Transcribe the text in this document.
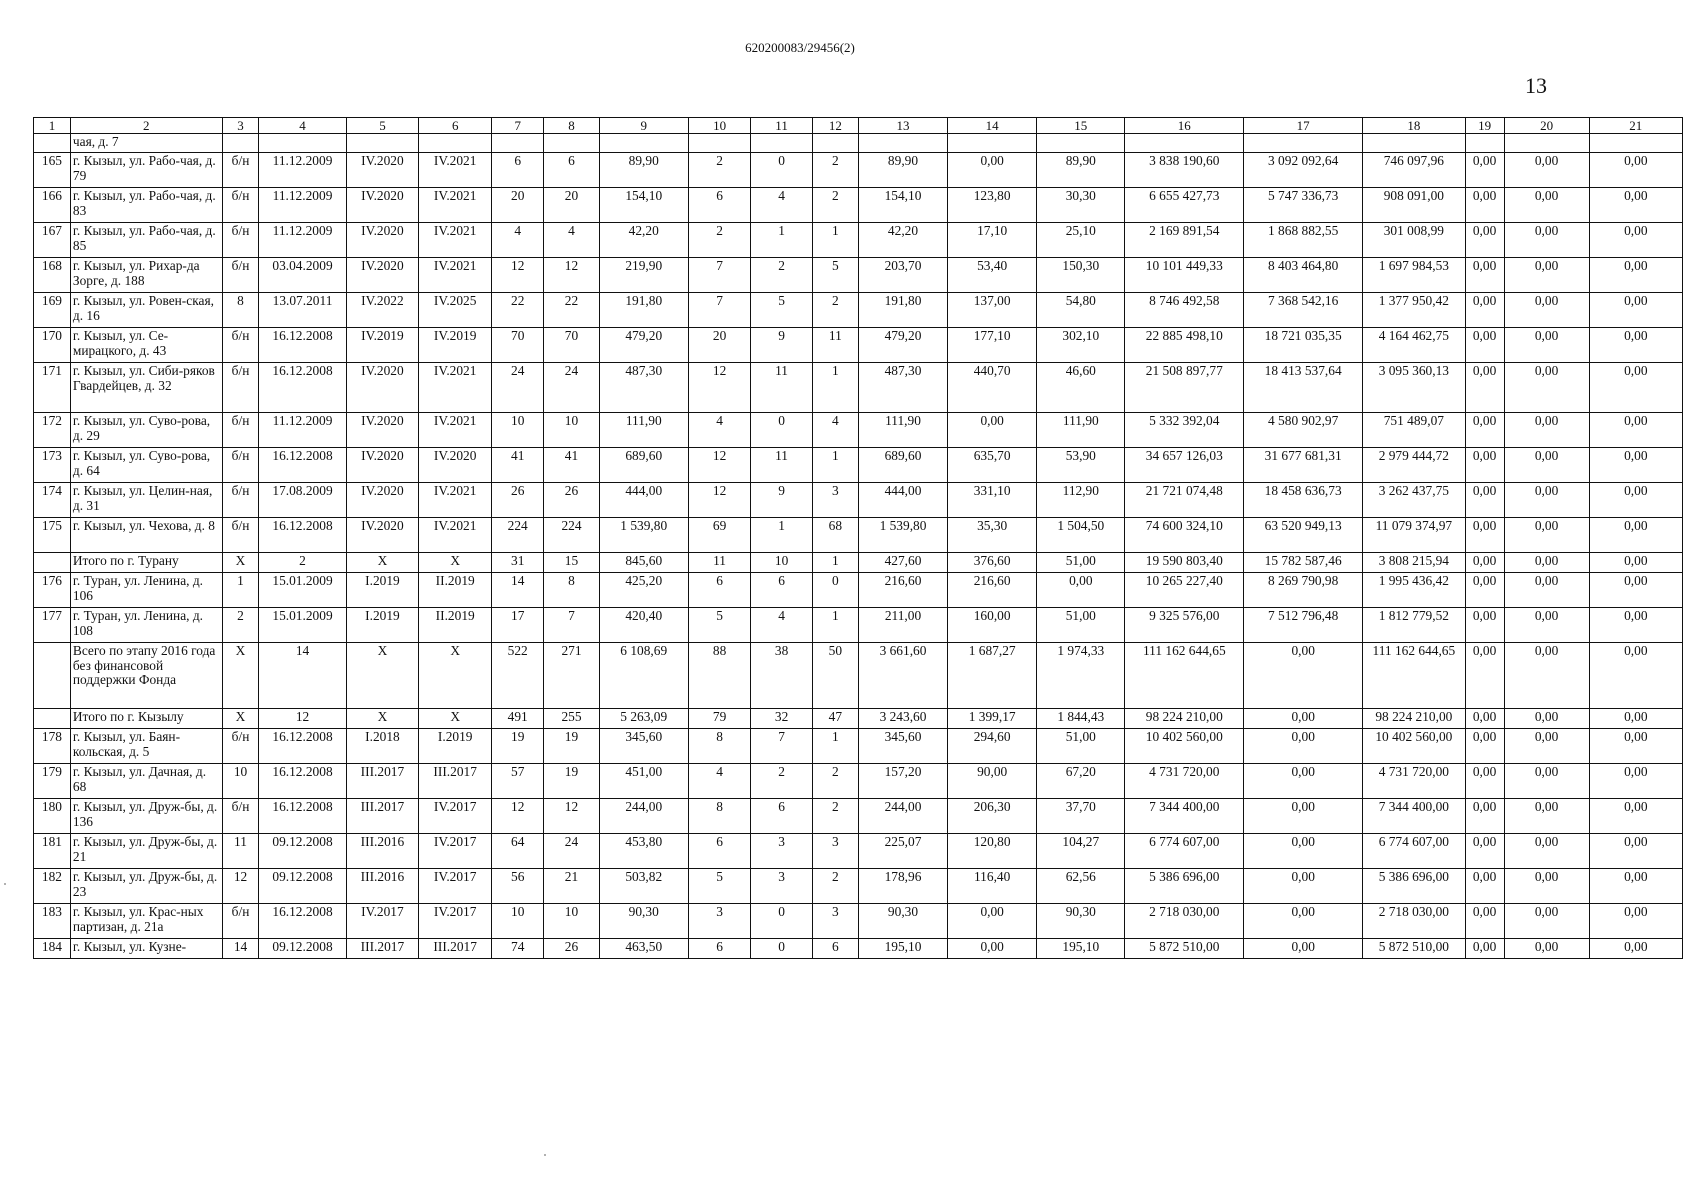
620200083/29456(2)
13
1	2	3	4	5	6	7	8	9	10	11	12	13	14	15	16	17	18	19	20	21
	чая, д. 7																			
165	г. Кызыл, ул. Рабо-чая, д. 79	б/н	11.12.2009	IV.2020	IV.2021	6	6	89,90	2	0	2	89,90	0,00	89,90	3 838 190,60	3 092 092,64	746 097,96	0,00	0,00	0,00
166	г. Кызыл, ул. Рабо-чая, д. 83	б/н	11.12.2009	IV.2020	IV.2021	20	20	154,10	6	4	2	154,10	123,80	30,30	6 655 427,73	5 747 336,73	908 091,00	0,00	0,00	0,00
167	г. Кызыл, ул. Рабо-чая, д. 85	б/н	11.12.2009	IV.2020	IV.2021	4	4	42,20	2	1	1	42,20	17,10	25,10	2 169 891,54	1 868 882,55	301 008,99	0,00	0,00	0,00
168	г. Кызыл, ул. Рихар-да Зорге, д. 188	б/н	03.04.2009	IV.2020	IV.2021	12	12	219,90	7	2	5	203,70	53,40	150,30	10 101 449,33	8 403 464,80	1 697 984,53	0,00	0,00	0,00
169	г. Кызыл, ул. Ровен-ская, д. 16	8	13.07.2011	IV.2022	IV.2025	22	22	191,80	7	5	2	191,80	137,00	54,80	8 746 492,58	7 368 542,16	1 377 950,42	0,00	0,00	0,00
170	г. Кызыл, ул. Се-мирацкого, д. 43	б/н	16.12.2008	IV.2019	IV.2019	70	70	479,20	20	9	11	479,20	177,10	302,10	22 885 498,10	18 721 035,35	4 164 462,75	0,00	0,00	0,00
171	г. Кызыл, ул. Сиби-ряков Гвардейцев, д. 32	б/н	16.12.2008	IV.2020	IV.2021	24	24	487,30	12	11	1	487,30	440,70	46,60	21 508 897,77	18 413 537,64	3 095 360,13	0,00	0,00	0,00
172	г. Кызыл, ул. Суво-рова, д. 29	б/н	11.12.2009	IV.2020	IV.2021	10	10	111,90	4	0	4	111,90	0,00	111,90	5 332 392,04	4 580 902,97	751 489,07	0,00	0,00	0,00
173	г. Кызыл, ул. Суво-рова, д. 64	б/н	16.12.2008	IV.2020	IV.2020	41	41	689,60	12	11	1	689,60	635,70	53,90	34 657 126,03	31 677 681,31	2 979 444,72	0,00	0,00	0,00
174	г. Кызыл, ул. Целин-ная, д. 31	б/н	17.08.2009	IV.2020	IV.2021	26	26	444,00	12	9	3	444,00	331,10	112,90	21 721 074,48	18 458 636,73	3 262 437,75	0,00	0,00	0,00
175	г. Кызыл, ул. Чехова, д. 8	б/н	16.12.2008	IV.2020	IV.2021	224	224	1 539,80	69	1	68	1 539,80	35,30	1 504,50	74 600 324,10	63 520 949,13	11 079 374,97	0,00	0,00	0,00
	Итого по г. Турану	X	2	X	X	31	15	845,60	11	10	1	427,60	376,60	51,00	19 590 803,40	15 782 587,46	3 808 215,94	0,00	0,00	0,00
176	г. Туран, ул. Ленина, д. 106	1	15.01.2009	I.2019	II.2019	14	8	425,20	6	6	0	216,60	216,60	0,00	10 265 227,40	8 269 790,98	1 995 436,42	0,00	0,00	0,00
177	г. Туран, ул. Ленина, д. 108	2	15.01.2009	I.2019	II.2019	17	7	420,40	5	4	1	211,00	160,00	51,00	9 325 576,00	7 512 796,48	1 812 779,52	0,00	0,00	0,00
	Всего по этапу 2016 года без финансовой поддержки Фонда	X	14	X	X	522	271	6 108,69	88	38	50	3 661,60	1 687,27	1 974,33	111 162 644,65	0,00	111 162 644,65	0,00	0,00	0,00
	Итого по г. Кызылу	X	12	X	X	491	255	5 263,09	79	32	47	3 243,60	1 399,17	1 844,43	98 224 210,00	0,00	98 224 210,00	0,00	0,00	0,00
178	г. Кызыл, ул. Баян-кольская, д. 5	б/н	16.12.2008	I.2018	I.2019	19	19	345,60	8	7	1	345,60	294,60	51,00	10 402 560,00	0,00	10 402 560,00	0,00	0,00	0,00
179	г. Кызыл, ул. Дачная, д. 68	10	16.12.2008	III.2017	III.2017	57	19	451,00	4	2	2	157,20	90,00	67,20	4 731 720,00	0,00	4 731 720,00	0,00	0,00	0,00
180	г. Кызыл, ул. Друж-бы, д. 136	б/н	16.12.2008	III.2017	IV.2017	12	12	244,00	8	6	2	244,00	206,30	37,70	7 344 400,00	0,00	7 344 400,00	0,00	0,00	0,00
181	г. Кызыл, ул. Друж-бы, д. 21	11	09.12.2008	III.2016	IV.2017	64	24	453,80	6	3	3	225,07	120,80	104,27	6 774 607,00	0,00	6 774 607,00	0,00	0,00	0,00
182	г. Кызыл, ул. Друж-бы, д. 23	12	09.12.2008	III.2016	IV.2017	56	21	503,82	5	3	2	178,96	116,40	62,56	5 386 696,00	0,00	5 386 696,00	0,00	0,00	0,00
183	г. Кызыл, ул. Крас-ных партизан, д. 21а	б/н	16.12.2008	IV.2017	IV.2017	10	10	90,30	3	0	3	90,30	0,00	90,30	2 718 030,00	0,00	2 718 030,00	0,00	0,00	0,00
184	г. Кызыл, ул. Кузне-	14	09.12.2008	III.2017	III.2017	74	26	463,50	6	0	6	195,10	0,00	195,10	5 872 510,00	0,00	5 872 510,00	0,00	0,00	0,00
